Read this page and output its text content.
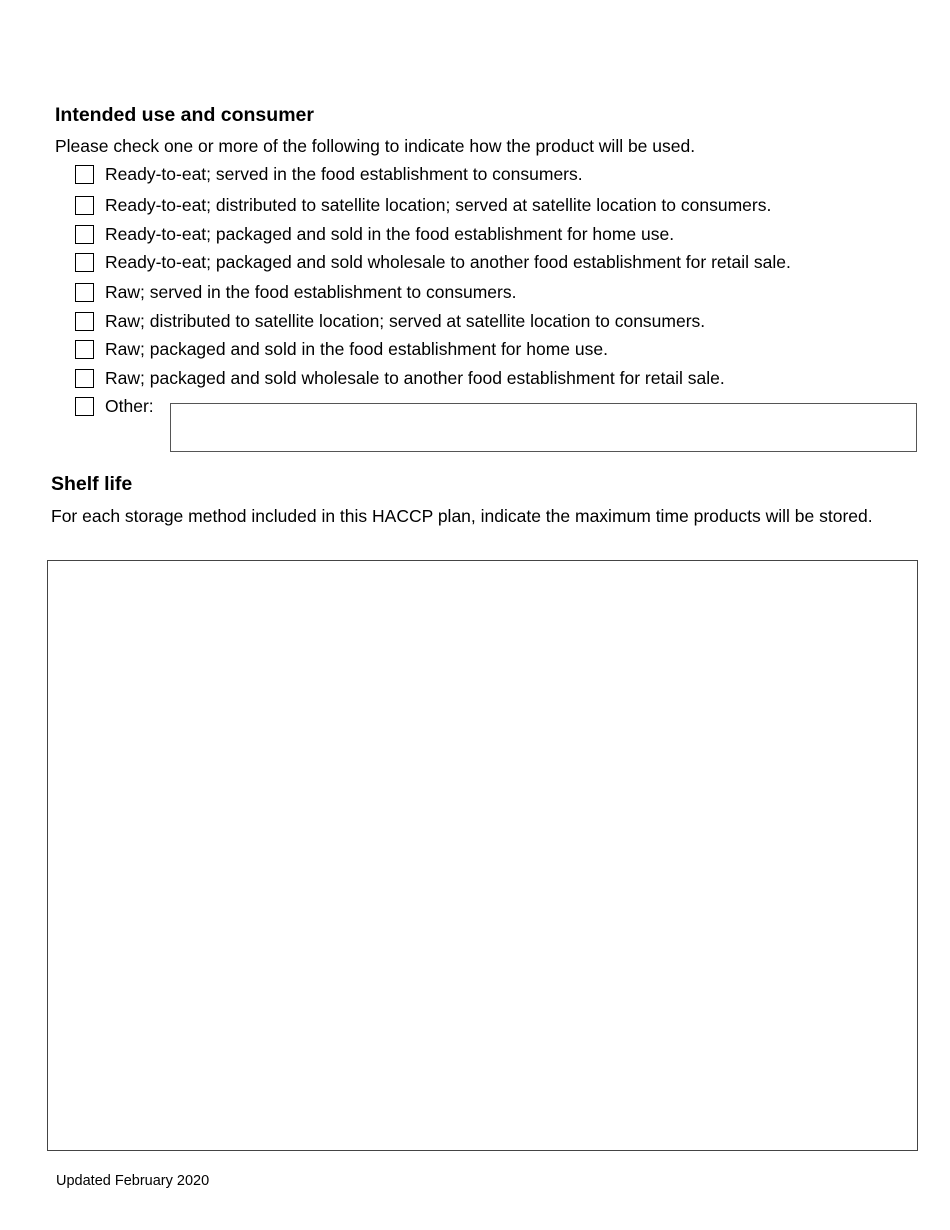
Intended use and consumer
Please check one or more of the following to indicate how the product will be used.
Ready-to-eat; served in the food establishment to consumers.
Ready-to-eat; distributed to satellite location; served at satellite location to consumers.
Ready-to-eat; packaged and sold in the food establishment for home use.
Ready-to-eat; packaged and sold wholesale to another food establishment for retail sale.
Raw; served in the food establishment to consumers.
Raw; distributed to satellite location; served at satellite location to consumers.
Raw; packaged and sold in the food establishment for home use.
Raw; packaged and sold wholesale to another food establishment for retail sale.
Other:
Shelf life
For each storage method included in this HACCP plan, indicate the maximum time products will be stored.
Updated February 2020
